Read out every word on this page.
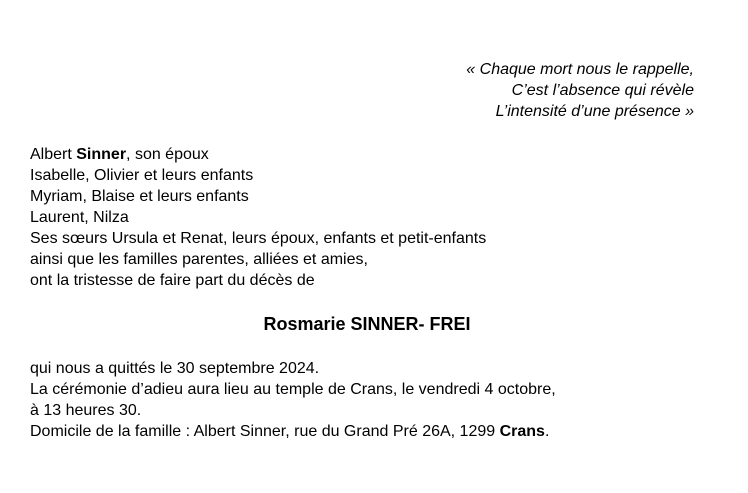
« Chaque mort nous le rappelle,
C’est l’absence qui révèle
L’intensité d’une présence »
Albert Sinner, son époux
Isabelle, Olivier et leurs enfants
Myriam, Blaise et leurs enfants
Laurent, Nilza
Ses sœurs Ursula et Renat, leurs époux, enfants et petit-enfants
ainsi que les familles parentes, alliées et amies,
ont la tristesse de faire part du décès de
Rosmarie SINNER- FREI
qui nous a quittés le 30 septembre 2024.
La cérémonie d’adieu aura lieu au temple de Crans, le vendredi 4 octobre,
à 13 heures 30.
Domicile de la famille : Albert Sinner, rue du Grand Pré 26A, 1299 Crans.
